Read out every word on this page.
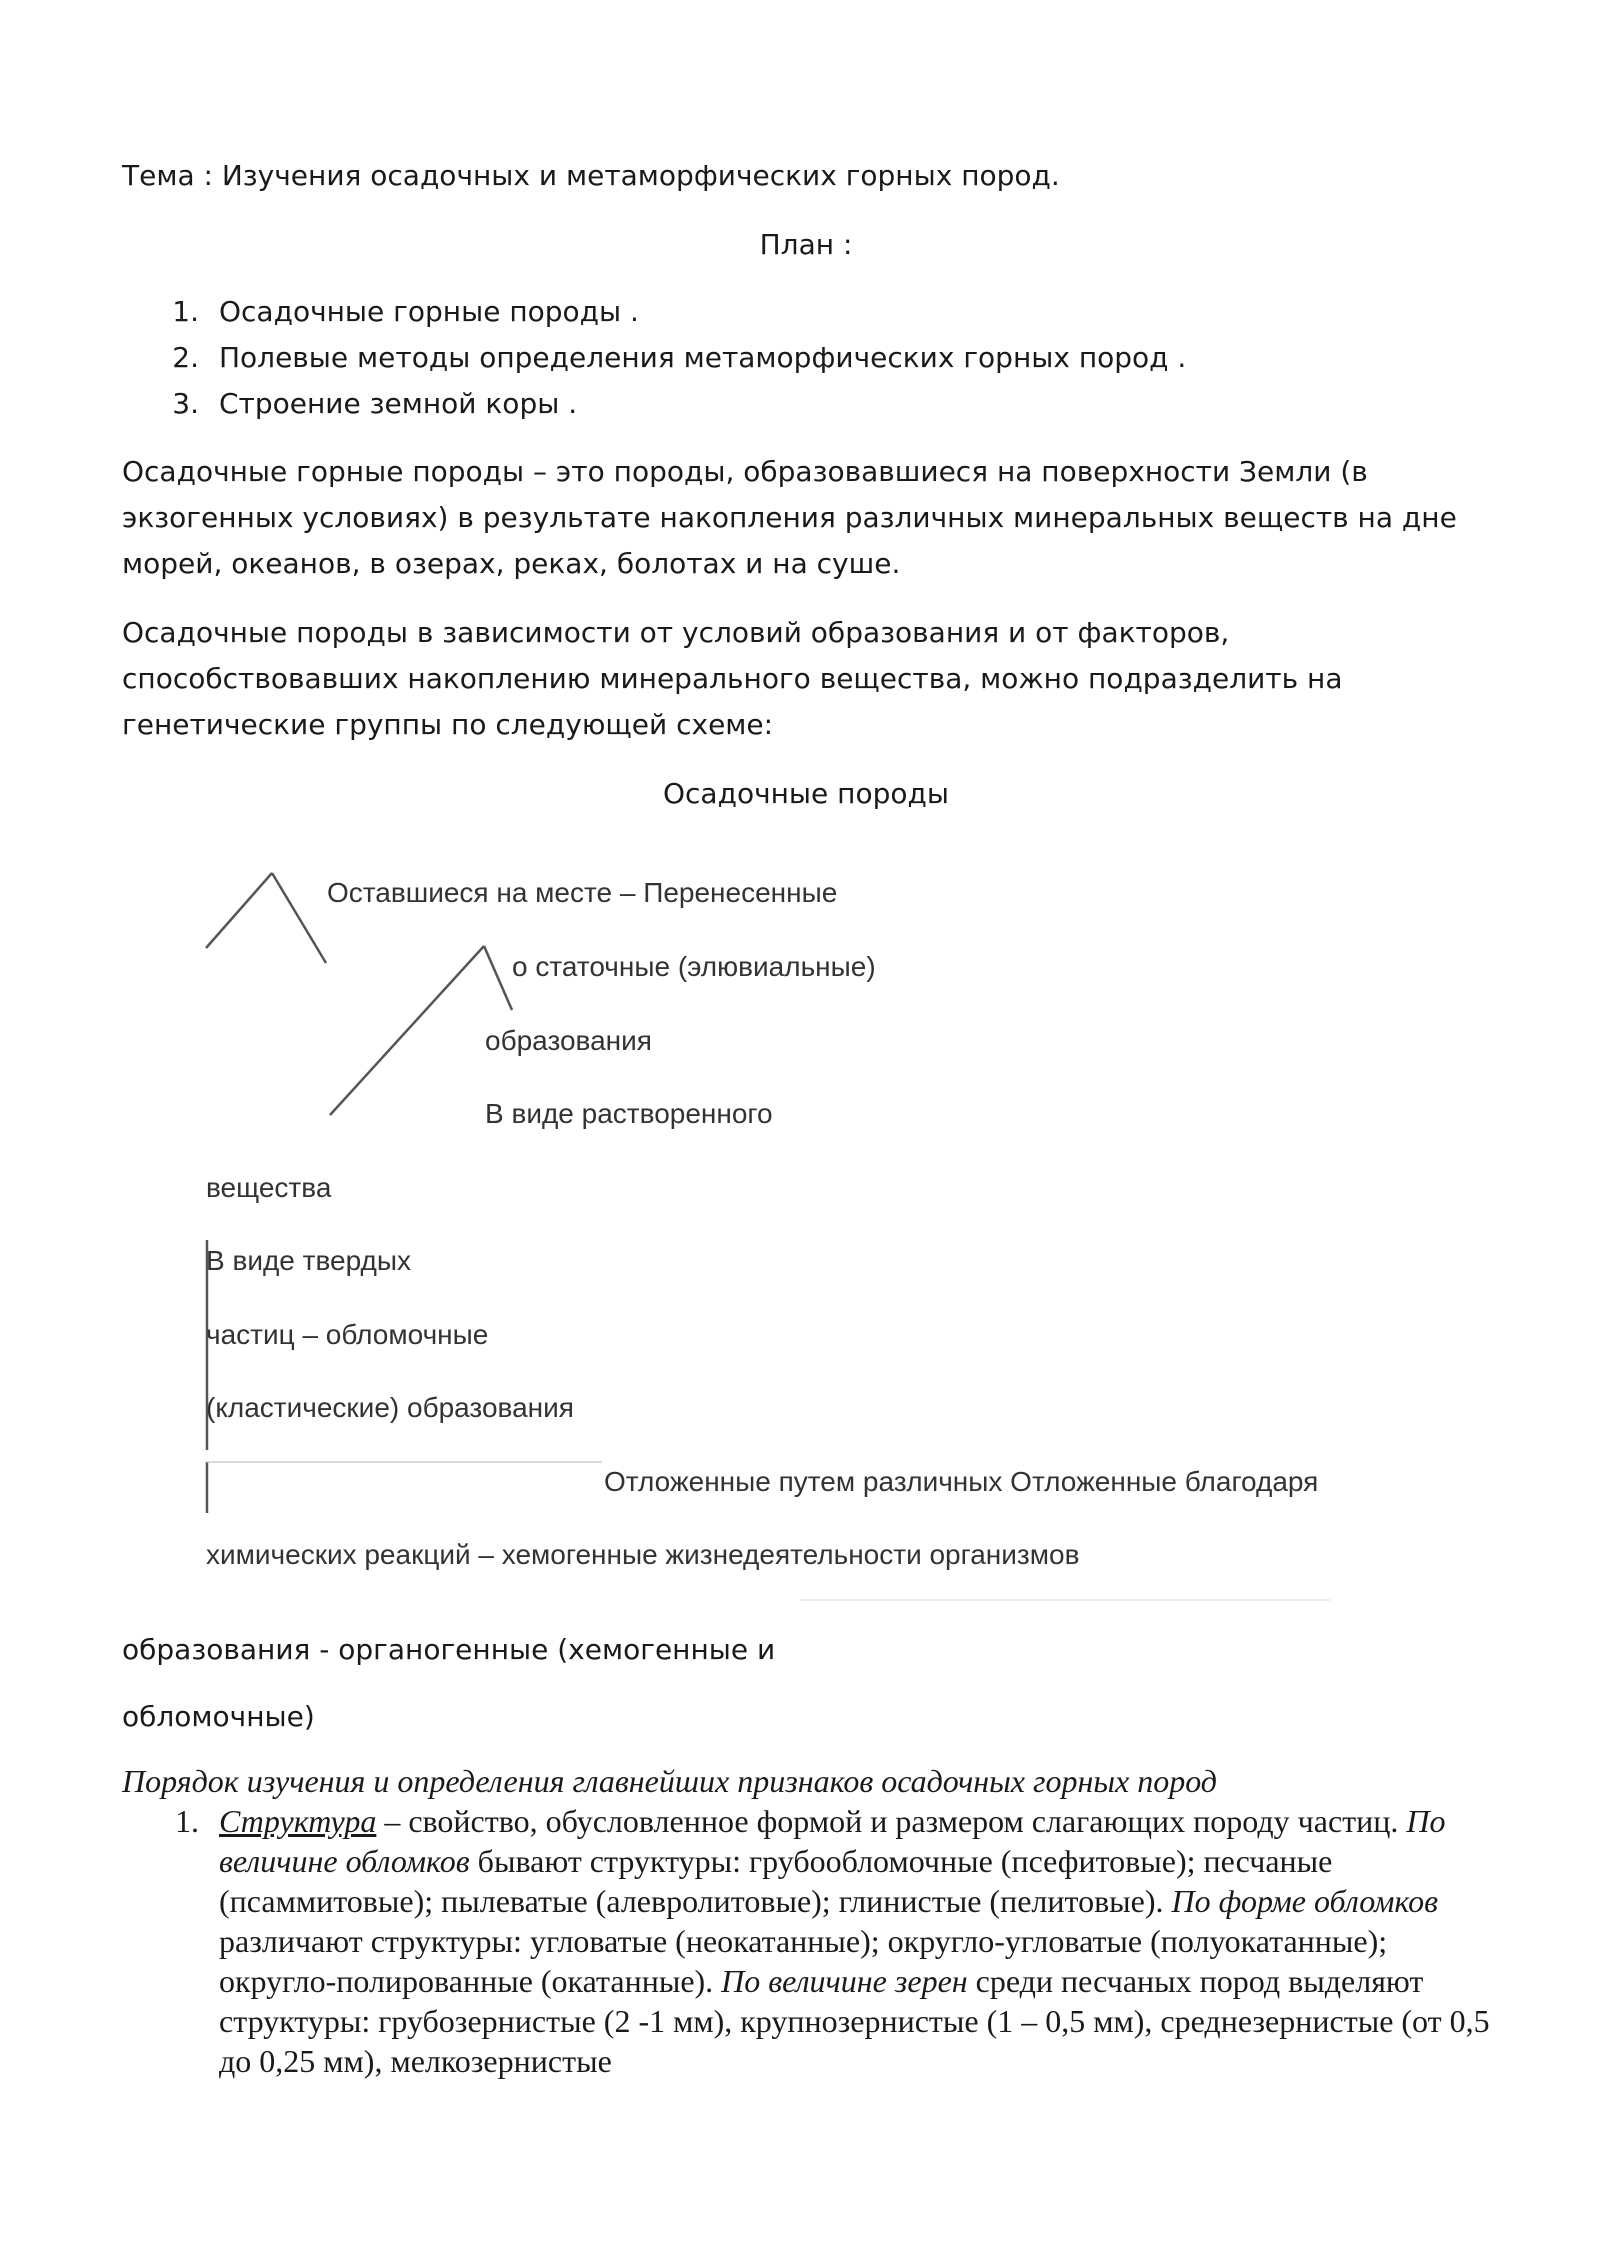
Тема : Изучения осадочных и метаморфических горных пород.
План :
1. Осадочные горные породы .
2. Полевые методы определения метаморфических горных пород .
3. Строение земной коры .
Осадочные горные породы – это породы, образовавшиеся на поверхности Земли (в экзогенных условиях) в результате накопления различных минеральных веществ на дне морей, океанов, в озерах, реках, болотах и на суше.
Осадочные породы в зависимости от условий образования и от факторов, способствовавших накоплению минерального вещества, можно подразделить на генетические группы по следующей схеме:
Осадочные породы
Оставшиеся на месте – Перенесенные
о статочные (элювиальные)
образования
В виде растворенного
вещества
В виде твердых
частиц – обломочные
(кластические) образования
Отложенные путем различных Отложенные благодаря
химических реакций – хемогенные жизнедеятельности организмов
образования - органогенные (хемогенные и
обломочные)
Порядок изучения и определения главнейших признаков осадочных горных пород
1. Структура – свойство, обусловленное формой и размером слагающих породу частиц. По величине обломков бывают структуры: грубообломочные (псефитовые); песчаные (псаммитовые); пылеватые (алевролитовые); глинистые (пелитовые). По форме обломков различают структуры: угловатые (неокатанные); округло-угловатые (полуокатанные); округло-полированные (окатанные). По величине зерен среди песчаных пород выделяют структуры: грубозернистые (2 -1 мм), крупнозернистые (1 – 0,5 мм), среднезернистые (от 0,5 до 0,25 мм), мелкозернистые
